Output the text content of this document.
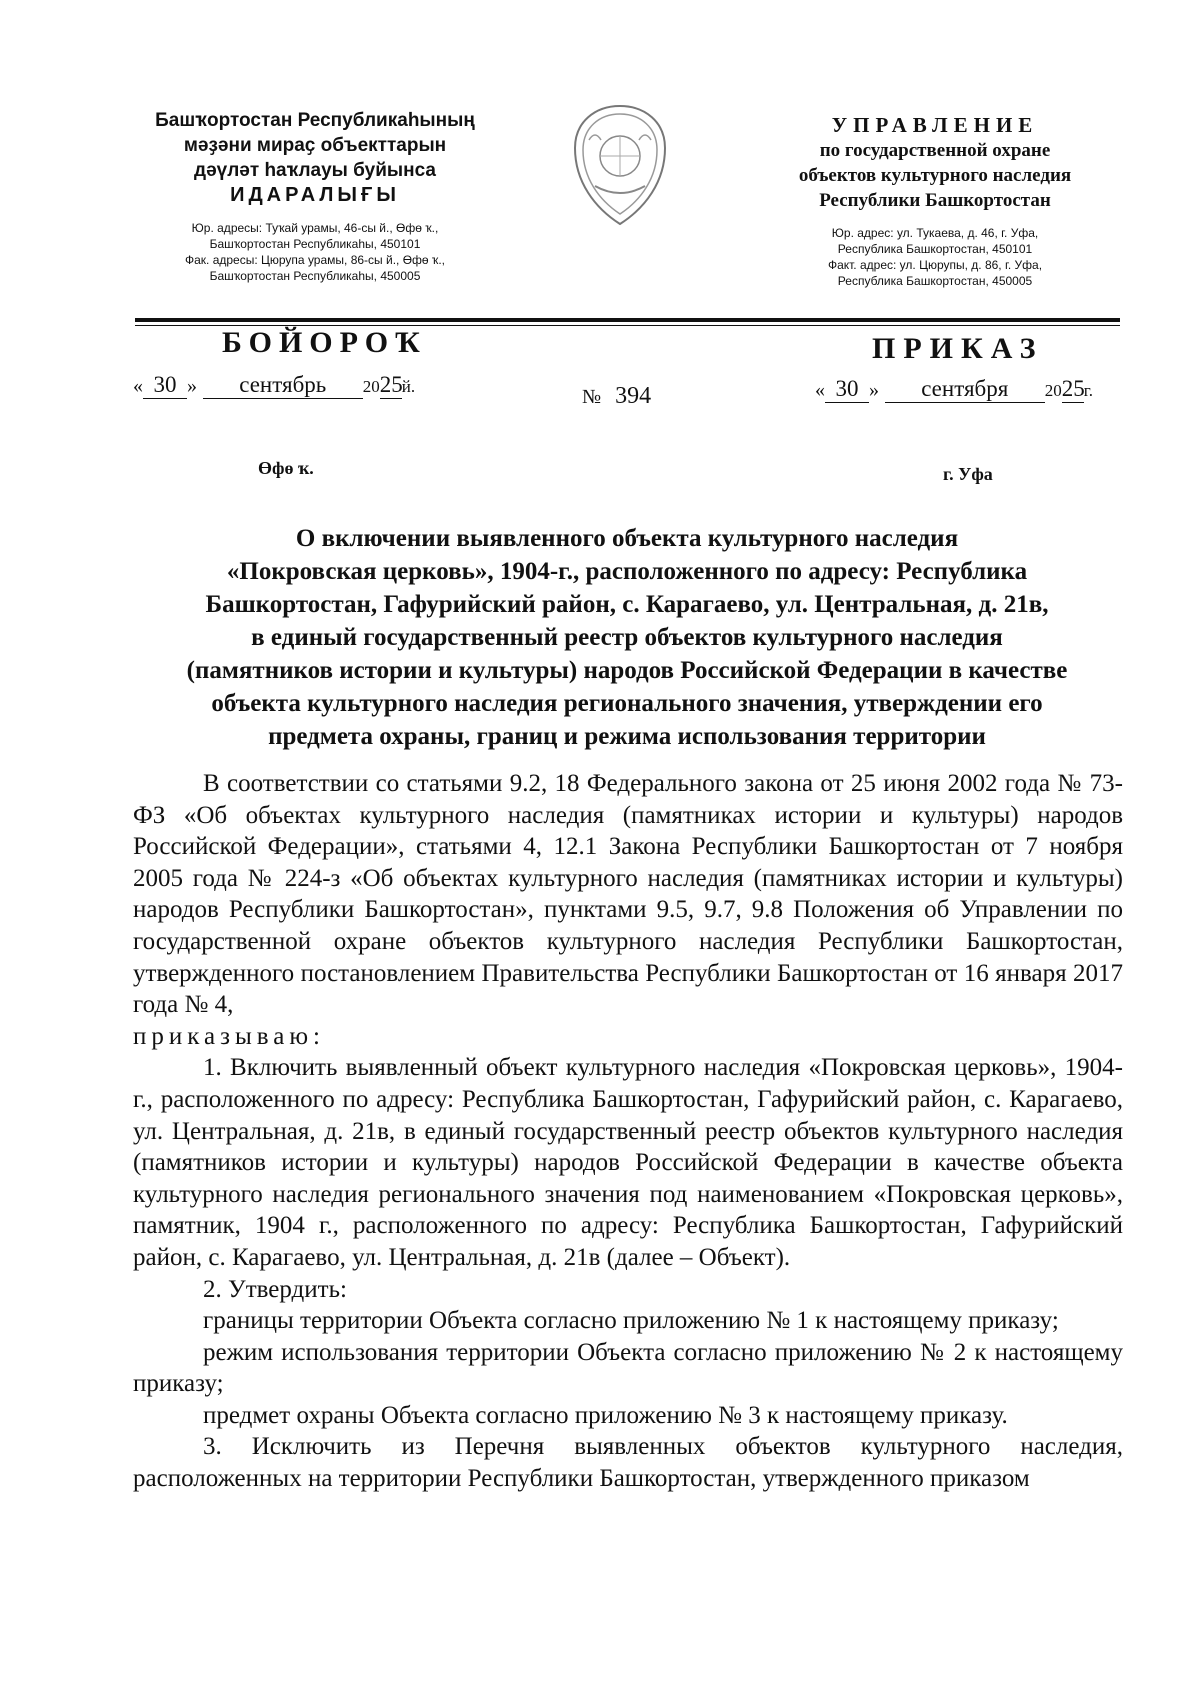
Башҡортостан Республикаһының
мәҙәни мираҫ объекттарын
дәүләт һаҡлауы буйынса
ИДАРАЛЫҒЫ
Юр. адресы: Туҡай урамы, 46-сы й., Өфө ҡ.,
Башҡортостан Республикаһы, 450101
Фак. адресы: Цюрупа урамы, 86-сы й., Өфө ҡ.,
Башҡортостан Республикаһы, 450005
УПРАВЛЕНИЕ
по государственной охране
объектов культурного наследия
Республики Башкортостан
Юр. адрес: ул. Тукаева, д. 46, г. Уфа,
Республика Башкортостан, 450101
Факт. адрес: ул. Цюрупы, д. 86, г. Уфа,
Республика Башкортостан, 450005
БОЙОРОҠ	ПРИКАЗ
« 30 » сентябрь 2025й.	№ 394	« 30 » сентября 2025г.
Өфө ҡ.	г. Уфа
О включении выявленного объекта культурного наследия
«Покровская церковь», 1904-г., расположенного по адресу: Республика
Башкортостан, Гафурийский район, с. Карагаево, ул. Центральная, д. 21в,
в единый государственный реестр объектов культурного наследия
(памятников истории и культуры) народов Российской Федерации в качестве
объекта культурного наследия регионального значения, утверждении его
предмета охраны, границ и режима использования территории

В соответствии со статьями 9.2, 18 Федерального закона от 25 июня 2002 года № 73-ФЗ «Об объектах культурного наследия (памятниках истории и культуры) народов Российской Федерации», статьями 4, 12.1 Закона Республики Башкортостан от 7 ноября 2005 года № 224-з «Об объектах культурного наследия (памятниках истории и культуры) народов Республики Башкортостан», пунктами 9.5, 9.7, 9.8 Положения об Управлении по государственной охране объектов культурного наследия Республики Башкортостан, утвержденного постановлением Правительства Республики Башкортостан от 16 января 2017 года № 4,

приказываю:

1. Включить выявленный объект культурного наследия «Покровская церковь», 1904-г., расположенного по адресу: Республика Башкортостан, Гафурийский район, с. Карагаево, ул. Центральная, д. 21в, в единый государственный реестр объектов культурного наследия (памятников истории и культуры) народов Российской Федерации в качестве объекта культурного наследия регионального значения под наименованием «Покровская церковь», памятник, 1904 г., расположенного по адресу: Республика Башкортостан, Гафурийский район, с. Карагаево, ул. Центральная, д. 21в (далее – Объект).

2. Утвердить:

границы территории Объекта согласно приложению № 1 к настоящему приказу;

режим использования территории Объекта согласно приложению № 2 к настоящему приказу;

предмет охраны Объекта согласно приложению № 3 к настоящему приказу.

3. Исключить из Перечня выявленных объектов культурного наследия, расположенных на территории Республики Башкортостан, утвержденного приказом
